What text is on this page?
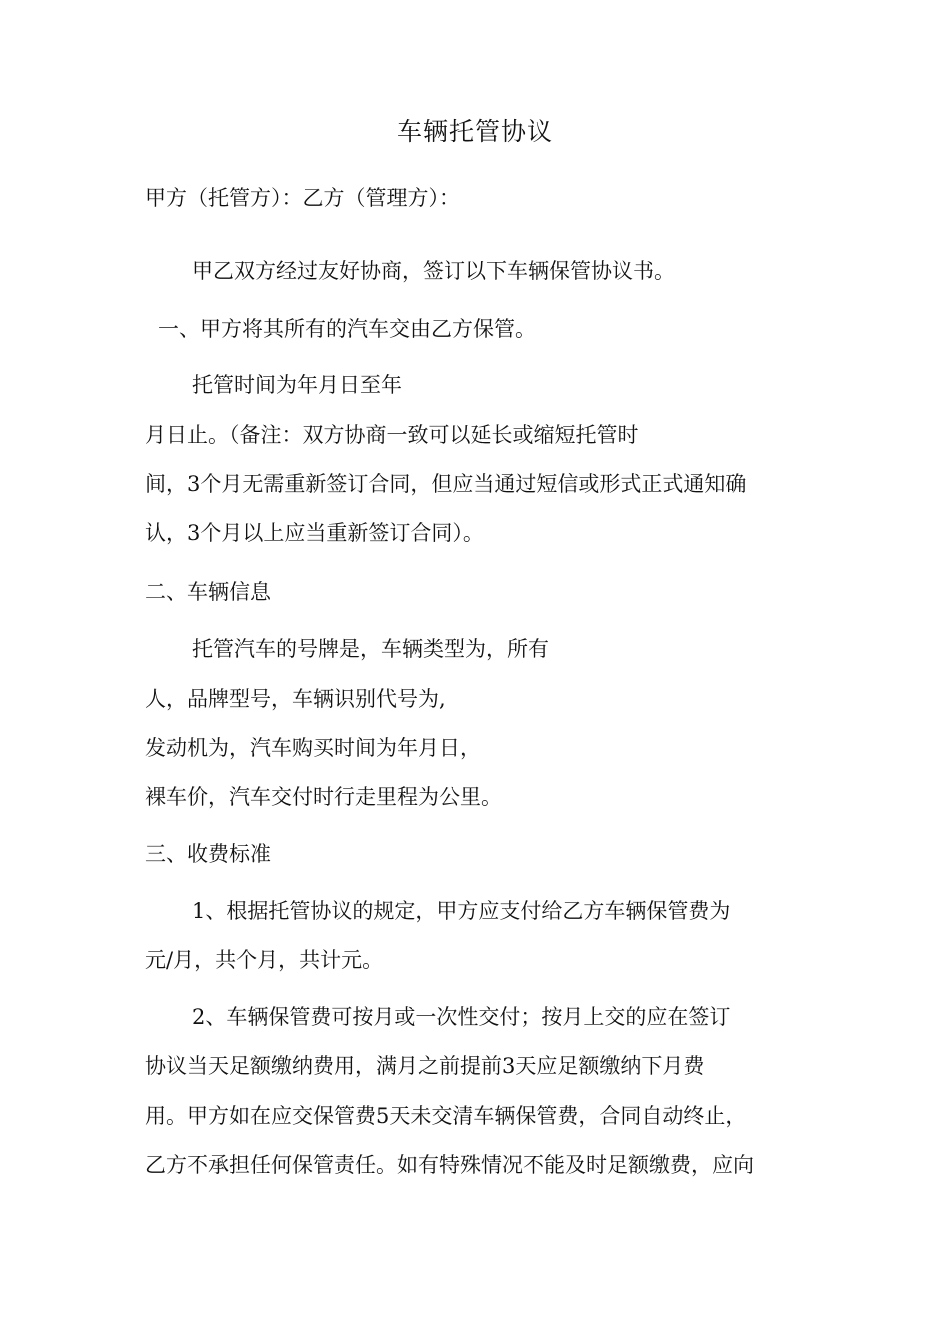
车辆托管协议
甲方（托管方）：乙方（管理方）：
甲乙双方经过友好协商，签订以下车辆保管协议书。
一、甲方将其所有的汽车交由乙方保管。
托管时间为年月日至年
月日止。（备注：双方协商一致可以延长或缩短托管时
间，3个月无需重新签订合同，但应当通过短信或形式正式通知确
认，3个月以上应当重新签订合同）。
二、车辆信息
托管汽车的号牌是，车辆类型为，所有
人，品牌型号，车辆识别代号为,
发动机为，汽车购买时间为年月日，
裸车价，汽车交付时行走里程为公里。
三、收费标准
1、根据托管协议的规定，甲方应支付给乙方车辆保管费为
元/月，共个月，共计元。
2、车辆保管费可按月或一次性交付；按月上交的应在签订
协议当天足额缴纳费用，满月之前提前3天应足额缴纳下月费
用。甲方如在应交保管费5天未交清车辆保管费，合同自动终止，
乙方不承担任何保管责任。如有特殊情况不能及时足额缴费，应向
